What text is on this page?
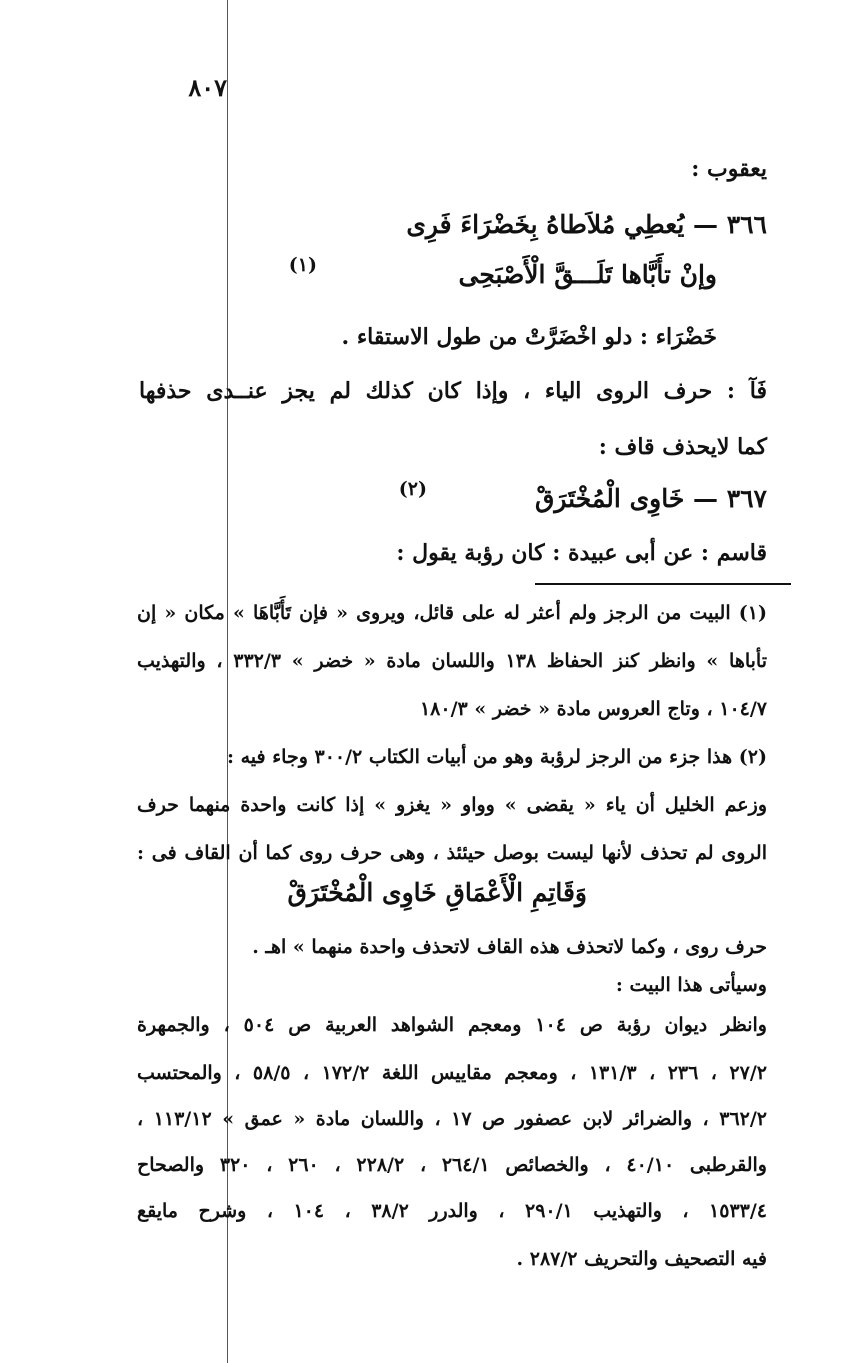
٨٠٧
يعقوب :
٣٦٦ — يُعطِي مُلاَطاهُ بِخَضْرَاءَ فَرِى
وإنْ تأَبَّاها تَلَـــقَّ الْأَصْبَحِى
(١)
خَضْرَاء : دلو اخْضَرَّتْ من طول الاستقاء .
فَآ : حرف الروى الياء ، وإذا كان كذلك لم يجز عنــدى حذفها
كما لايحذف قاف :
٣٦٧ — خَاوِى الْمُخْتَرَقْ
(٢)
قاسم : عن أبى عبيدة : كان رؤبة يقول :
(١) البيت من الرجز ولم أعثر له على قائل، ويروى « فإن تَأَبَّاهَا » مكان « إن
تأباها » وانظر كنز الحفاظ ١٣٨ واللسان مادة « خضر » ٣٣٢/٣ ، والتهذيب
١٠٤/٧ ، وتاج العروس مادة « خضر » ١٨٠/٣
(٢) هذا جزء من الرجز لرؤبة وهو من أبيات الكتاب ٣٠٠/٢ وجاء فيه :
وزعم الخليل أن ياء « يقضى » وواو « يغزو » إذا كانت واحدة منهما حرف
الروى لم تحذف لأنها ليست بوصل حيئئذ ، وهى حرف روى كما أن القاف فى :
وَقَاتِمِ الْأَعْمَاقِ خَاوِى الْمُخْتَرَقْ
حرف روى ، وكما لاتحذف هذه القاف لاتحذف واحدة منهما » اهـ .
وسيأتى هذا البيت :
وانظر ديوان رؤبة ص ١٠٤ ومعجم الشواهد العربية ص ٥٠٤ ، والجمهرة
٢٧/٢ ، ٢٣٦ ، ١٣١/٣ ، ومعجم مقاييس اللغة ١٧٢/٢ ، ٥٨/٥ ، والمحتسب
٣٦٢/٢ ، والضرائر لابن عصفور ص ١٧ ، واللسان مادة « عمق » ١١٣/١٢ ،
والقرطبى ٤٠/١٠ ، والخصائص ٢٦٤/١ ، ٢٢٨/٢ ، ٢٦٠ ، ٣٢٠ والصحاح
١٥٣٣/٤ ، والتهذيب ٢٩٠/١ ، والدرر ٣٨/٢ ، ١٠٤ ، وشرح مايقع
فيه التصحيف والتحريف ٢٨٧/٢ .
